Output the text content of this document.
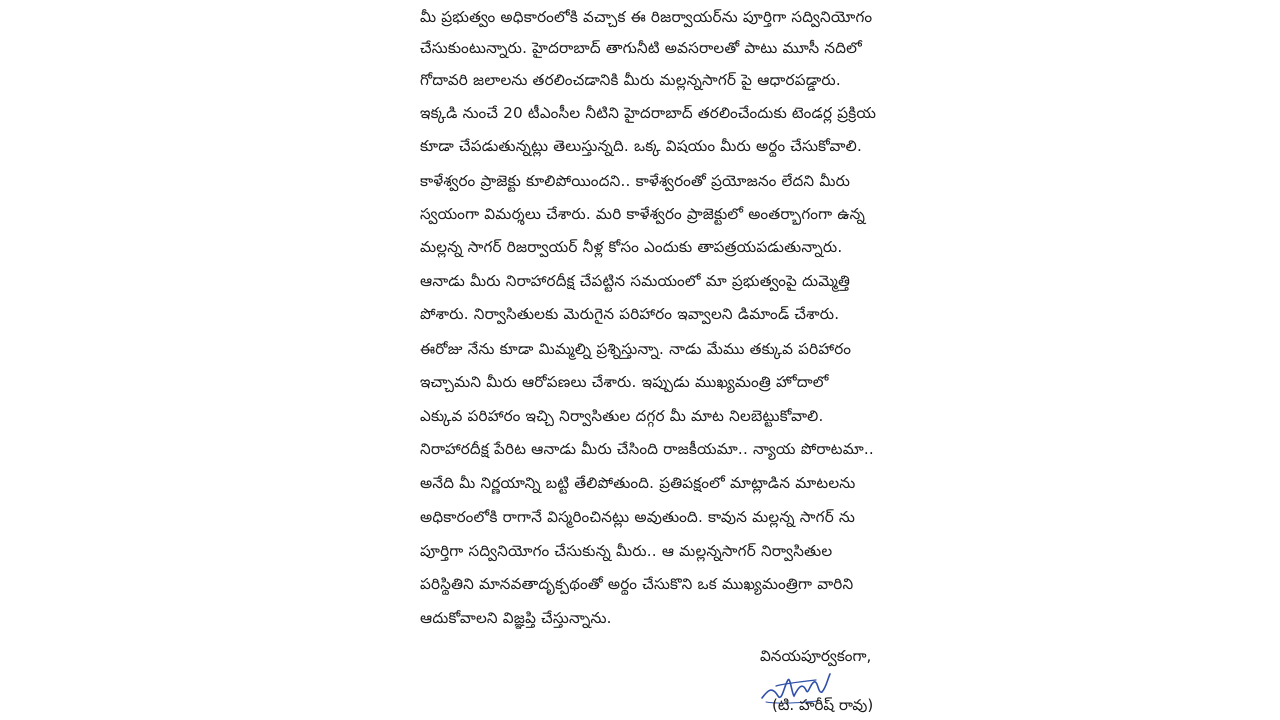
మీ ప్రభుత్వం అధికారంలోకి వచ్చాక ఈ రిజర్వాయర్‌ను పూర్తిగా సద్వినియోగం
చేసుకుంటున్నారు. హైదరాబాద్ తాగునీటి అవసరాలతో పాటు మూసీ నదిలో
గోదావరి జలాలను తరలించడానికి మీరు మల్లన్నసాగర్ పై ఆధారపడ్డారు.
ఇక్కడి నుంచే 20 టీఎంసీల నీటిని హైదరాబాద్ తరలించేందుకు టెండర్ల ప్రక్రియ
కూడా చేపడుతున్నట్లు తెలుస్తున్నది. ఒక్క విషయం మీరు అర్థం చేసుకోవాలి.
కాళేశ్వరం ప్రాజెక్టు కూలిపోయిందని.. కాళేశ్వరంతో ప్రయోజనం లేదని మీరు
స్వయంగా విమర్శలు చేశారు. మరి కాళేశ్వరం ప్రాజెక్టులో అంతర్భాగంగా ఉన్న
మల్లన్న సాగర్ రిజర్వాయర్ నీళ్ల కోసం ఎందుకు తాపత్రయపడుతున్నారు.
ఆనాడు మీరు నిరాహారదీక్ష చేపట్టిన సమయంలో మా ప్రభుత్వంపై దుమ్మెత్తి
పోశారు. నిర్వాసితులకు మెరుగైన పరిహారం ఇవ్వాలని డిమాండ్ చేశారు.
ఈరోజు నేను కూడా మిమ్మల్ని ప్రశ్నిస్తున్నా. నాడు మేము తక్కువ పరిహారం
ఇచ్చామని మీరు ఆరోపణలు చేశారు. ఇప్పుడు ముఖ్యమంత్రి హోదాలో
ఎక్కువ పరిహారం ఇచ్చి నిర్వాసితుల దగ్గర మీ మాట నిలబెట్టుకోవాలి.
నిరాహారదీక్ష పేరిట ఆనాడు మీరు చేసింది రాజకీయమా.. న్యాయ పోరాటమా..
అనేది మీ నిర్ణయాన్ని బట్టి తేలిపోతుంది. ప్రతిపక్షంలో మాట్లాడిన మాటలను
అధికారంలోకి రాగానే విస్మరించినట్లు అవుతుంది. కావున మల్లన్న సాగర్ ను
పూర్తిగా సద్వినియోగం చేసుకున్న మీరు.. ఆ మల్లన్నసాగర్ నిర్వాసితుల
పరిస్థితిని మానవతాదృక్పథంతో అర్థం చేసుకొని ఒక ముఖ్యమంత్రిగా వారిని
ఆదుకోవాలని విజ్ఞప్తి చేస్తున్నాను.
వినయపూర్వకంగా,
(టి. హరీష్ రావు)
